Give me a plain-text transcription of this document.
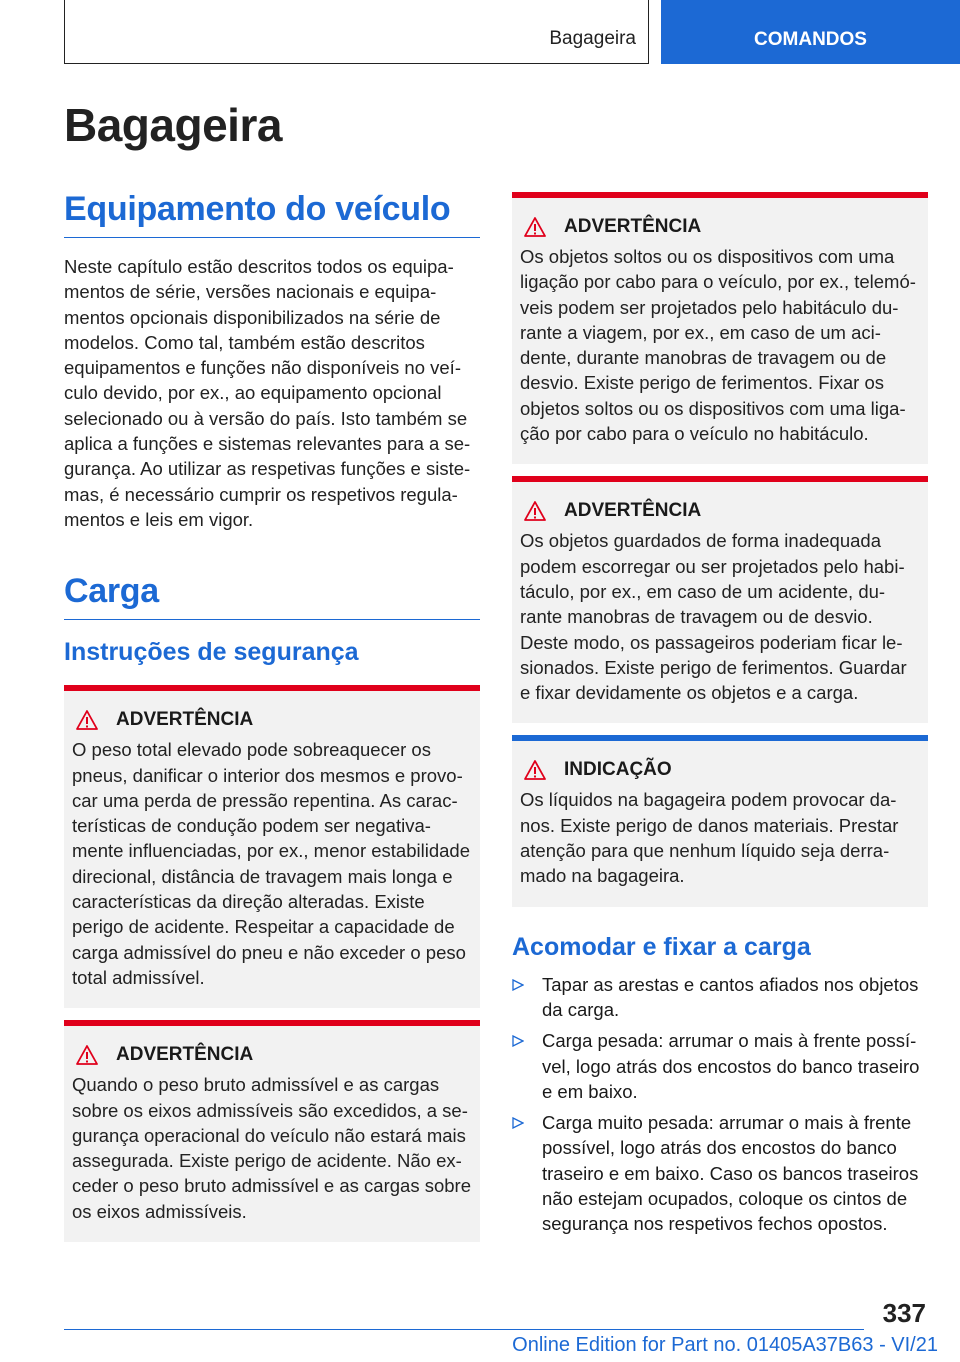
Bagageira	COMANDOS
Bagageira
Equipamento do veículo

Neste capítulo estão descritos todos os equipamentos de série, versões nacionais e equipamentos opcionais disponibilizados na série de modelos. Como tal, também estão descritos equipamentos e funções não disponíveis no veículo devido, por ex., ao equipamento opcional selecionado ou à versão do país. Isto também se aplica a funções e sistemas relevantes para a segurança. Ao utilizar as respetivas funções e sistemas, é necessário cumprir os respetivos regulamentos e leis em vigor.

Carga
Instruções de segurança
ADVERTÊNCIA

O peso total elevado pode sobreaquecer os pneus, danificar o interior dos mesmos e provocar uma perda de pressão repentina. As características de condução podem ser negativamente influenciadas, por ex., menor estabilidade direcional, distância de travagem mais longa e características da direção alteradas. Existe perigo de acidente. Respeitar a capacidade de carga admissível do pneu e não exceder o peso total admissível.

ADVERTÊNCIA

Quando o peso bruto admissível e as cargas sobre os eixos admissíveis são excedidos, a segurança operacional do veículo não estará mais assegurada. Existe perigo de acidente. Não exceder o peso bruto admissível e as cargas sobre os eixos admissíveis.

ADVERTÊNCIA

Os objetos soltos ou os dispositivos com uma ligação por cabo para o veículo, por ex., telemóveis podem ser projetados pelo habitáculo durante a viagem, por ex., em caso de um acidente, durante manobras de travagem ou de desvio. Existe perigo de ferimentos. Fixar os objetos soltos ou os dispositivos com uma ligação por cabo para o veículo no habitáculo.

ADVERTÊNCIA

Os objetos guardados de forma inadequada podem escorregar ou ser projetados pelo habitáculo, por ex., em caso de um acidente, durante manobras de travagem ou de desvio. Deste modo, os passageiros poderiam ficar lesionados. Existe perigo de ferimentos. Guardar e fixar devidamente os objetos e a carga.

INDICAÇÃO

Os líquidos na bagageira podem provocar danos. Existe perigo de danos materiais. Prestar atenção para que nenhum líquido seja derramado na bagageira.

Acomodar e fixar a carga
Tapar as arestas e cantos afiados nos objetos da carga.
Carga pesada: arrumar o mais à frente possível, logo atrás dos encostos do banco traseiro e em baixo.
Carga muito pesada: arrumar o mais à frente possível, logo atrás dos encostos do banco traseiro e em baixo. Caso os bancos traseiros não estejam ocupados, coloque os cintos de segurança nos respetivos fechos opostos.
337
Online Edition for Part no. 01405A37B63 - VI/21
